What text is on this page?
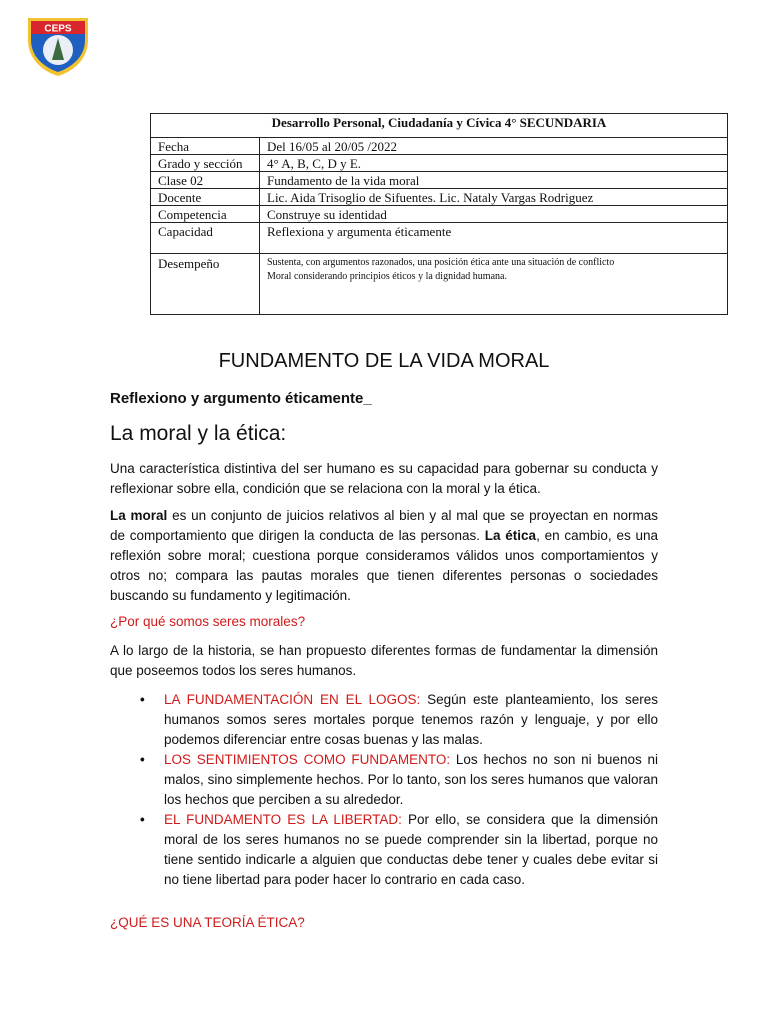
CEPS
Desarrollo Personal, Ciudadanía y Cívica 4° SECUNDARIA	
Fecha	Del 16/05 al 20/05 /2022
Grado y sección	4° A, B, C, D y E.
Clase 02	Fundamento de la vida moral
Docente	Lic. Aida Trisoglio de Sifuentes. Lic. Nataly Vargas Rodriguez
Competencia	Construye su identidad
Capacidad	Reflexiona y argumenta éticamente
Desempeño	Sustenta, con argumentos razonados, una posición ética ante una situación de conflicto
Moral considerando principios éticos y la dignidad humana.
FUNDAMENTO DE LA VIDA MORAL
Reflexiono y argumento éticamente_
La moral y la ética:
Una característica distintiva del ser humano es su capacidad para gobernar su conducta y reflexionar sobre ella, condición que se relaciona con la moral y la ética.
La moral es un conjunto de juicios relativos al bien y al mal que se proyectan en normas de comportamiento que dirigen la conducta de las personas. La ética, en cambio, es una reflexión sobre moral; cuestiona porque consideramos válidos unos comportamientos y otros no; compara las pautas morales que tienen diferentes personas o sociedades buscando su fundamento y legitimación.
¿Por qué somos seres morales?
A lo largo de la historia, se han propuesto diferentes formas de fundamentar la dimensión que poseemos todos los seres humanos.
• LA FUNDAMENTACIÓN EN EL LOGOS: Según este planteamiento, los seres humanos somos seres mortales porque tenemos razón y lenguaje, y por ello podemos diferenciar entre cosas buenas y las malas.
• LOS SENTIMIENTOS COMO FUNDAMENTO: Los hechos no son ni buenos ni malos, sino simplemente hechos. Por lo tanto, son los seres humanos que valoran los hechos que perciben a su alrededor.
• EL FUNDAMENTO ES LA LIBERTAD: Por ello, se considera que la dimensión moral de los seres humanos no se puede comprender sin la libertad, porque no tiene sentido indicarle a alguien que conductas debe tener y cuales debe evitar si no tiene libertad para poder hacer lo contrario en cada caso.
¿QUÉ ES UNA TEORÍA ÉTICA?
